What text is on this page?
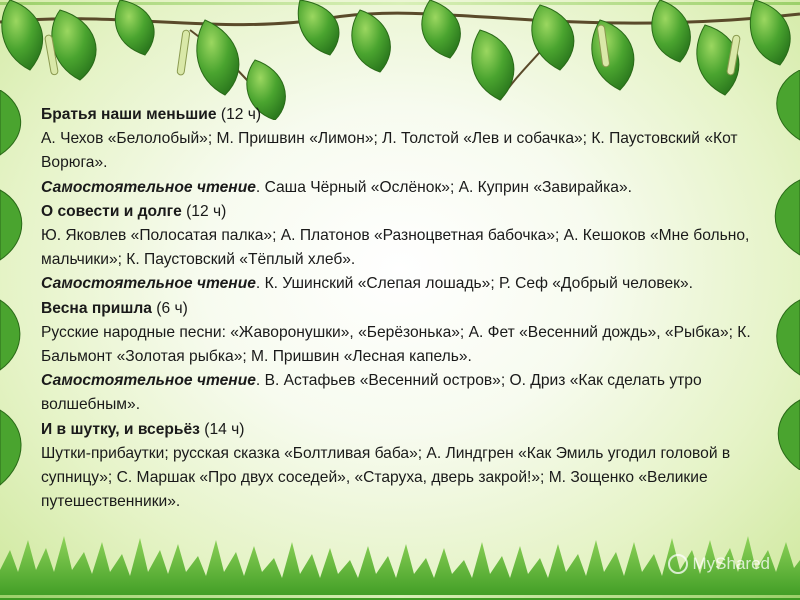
Братья наши меньшие (12 ч)

А. Чехов «Белолобый»; М. Пришвин «Лимон»; Л. Толстой «Лев и собачка»; К. Паустовский «Кот Ворюга».

Самостоятельное чтение. Саша Чёрный «Ослёнок»; А. Куприн «Завирайка».

О совести и долге (12 ч)

Ю. Яковлев «Полосатая палка»; А. Платонов «Разноцветная бабочка»; А. Кешоков «Мне больно, мальчики»; К. Паустовский «Тёплый хлеб».

Самостоятельное чтение. К. Ушинский «Слепая лошадь»; Р. Сеф «Добрый человек».

Весна пришла (6 ч)

Русские народные песни: «Жаворонушки», «Берёзонька»; А. Фет «Весенний дождь», «Рыбка»; К. Бальмонт «Золотая рыбка»; М. Пришвин «Лесная капель».

Самостоятельное чтение. В. Астафьев «Весенний остров»; О. Дриз «Как сделать утро волшебным».

И в шутку, и всерьёз (14 ч)

Шутки-прибаутки; русская сказка «Болтливая баба»; А. Линдгрен «Как Эмиль угодил головой в супницу»; С. Маршак «Про двух соседей», «Старуха, дверь закрой!»; М. Зощенко «Великие путешественники».

MyShared
